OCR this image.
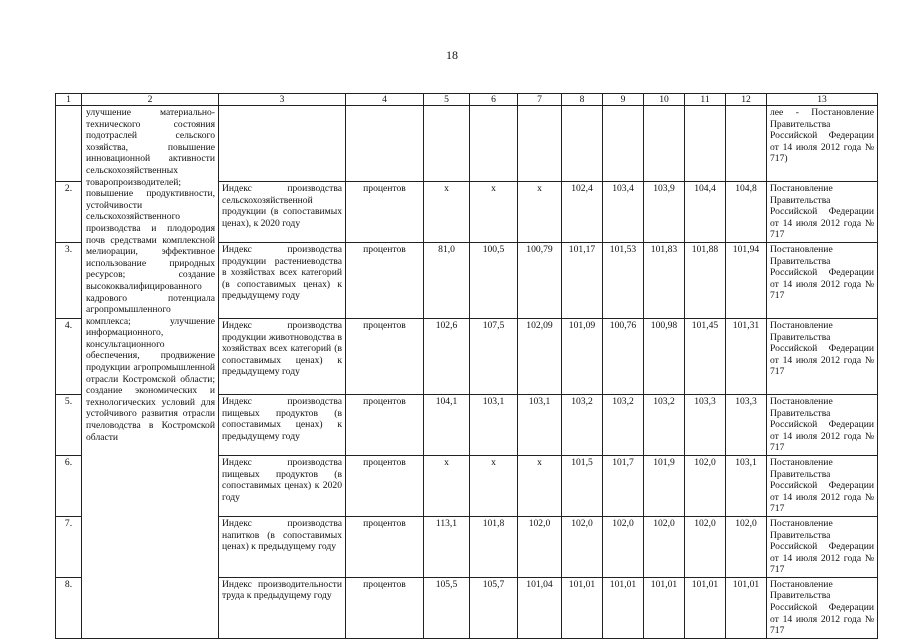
18
1	2	3	4	5	6	7	8	9	10	11	12	13

	улучшение материально-технического состояния подотраслей сельского хозяйства, повышение инновационной активности сельскохозяйственных товаропроизводителей; повышение продуктивности, устойчивости сельскохозяйственного производства и плодородия почв средствами комплексной мелиорации, эффективное использование природных ресурсов; создание высококвалифицированного кадрового потенциала агропромышленного комплекса; улучшение информационного, консультационного обеспечения, продвижение продукции агропромышленной отрасли Костромской области; создание экономических и технологических условий для устойчивого развития отрасли пчеловодства в Костромской области											лее - Постановление Правительства Российской Федерации от 14 июля 2012 года № 717)
2.		Индекс производства сельскохозяйственной продукции (в сопоставимых ценах), к 2020 году	процентов	x	x	x	102,4	103,4	103,9	104,4	104,8	Постановление Правительства Российской Федерации от 14 июля 2012 года № 717
3.		Индекс производства продукции растениеводства в хозяйствах всех категорий (в сопоставимых ценах) к предыдущему году	процентов	81,0	100,5	100,79	101,17	101,53	101,83	101,88	101,94	Постановление Правительства Российской Федерации от 14 июля 2012 года № 717
4.		Индекс производства продукции животноводства в хозяйствах всех категорий (в сопоставимых ценах) к предыдущему году	процентов	102,6	107,5	102,09	101,09	100,76	100,98	101,45	101,31	Постановление Правительства Российской Федерации от 14 июля 2012 года № 717
5.		Индекс производства пищевых продуктов (в сопоставимых ценах) к предыдущему году	процентов	104,1	103,1	103,1	103,2	103,2	103,2	103,3	103,3	Постановление Правительства Российской Федерации от 14 июля 2012 года № 717
6.		Индекс производства пищевых продуктов (в сопоставимых ценах) к 2020 году	процентов	x	x	x	101,5	101,7	101,9	102,0	103,1	Постановление Правительства Российской Федерации от 14 июля 2012 года № 717
7.		Индекс производства напитков (в сопоставимых ценах) к предыдущему году	процентов	113,1	101,8	102,0	102,0	102,0	102,0	102,0	102,0	Постановление Правительства Российской Федерации от 14 июля 2012 года № 717
8.		Индекс производительности труда к предыдущему году	процентов	105,5	105,7	101,04	101,01	101,01	101,01	101,01	101,01	Постановление Правительства Российской Федерации от 14 июля 2012 года № 717
